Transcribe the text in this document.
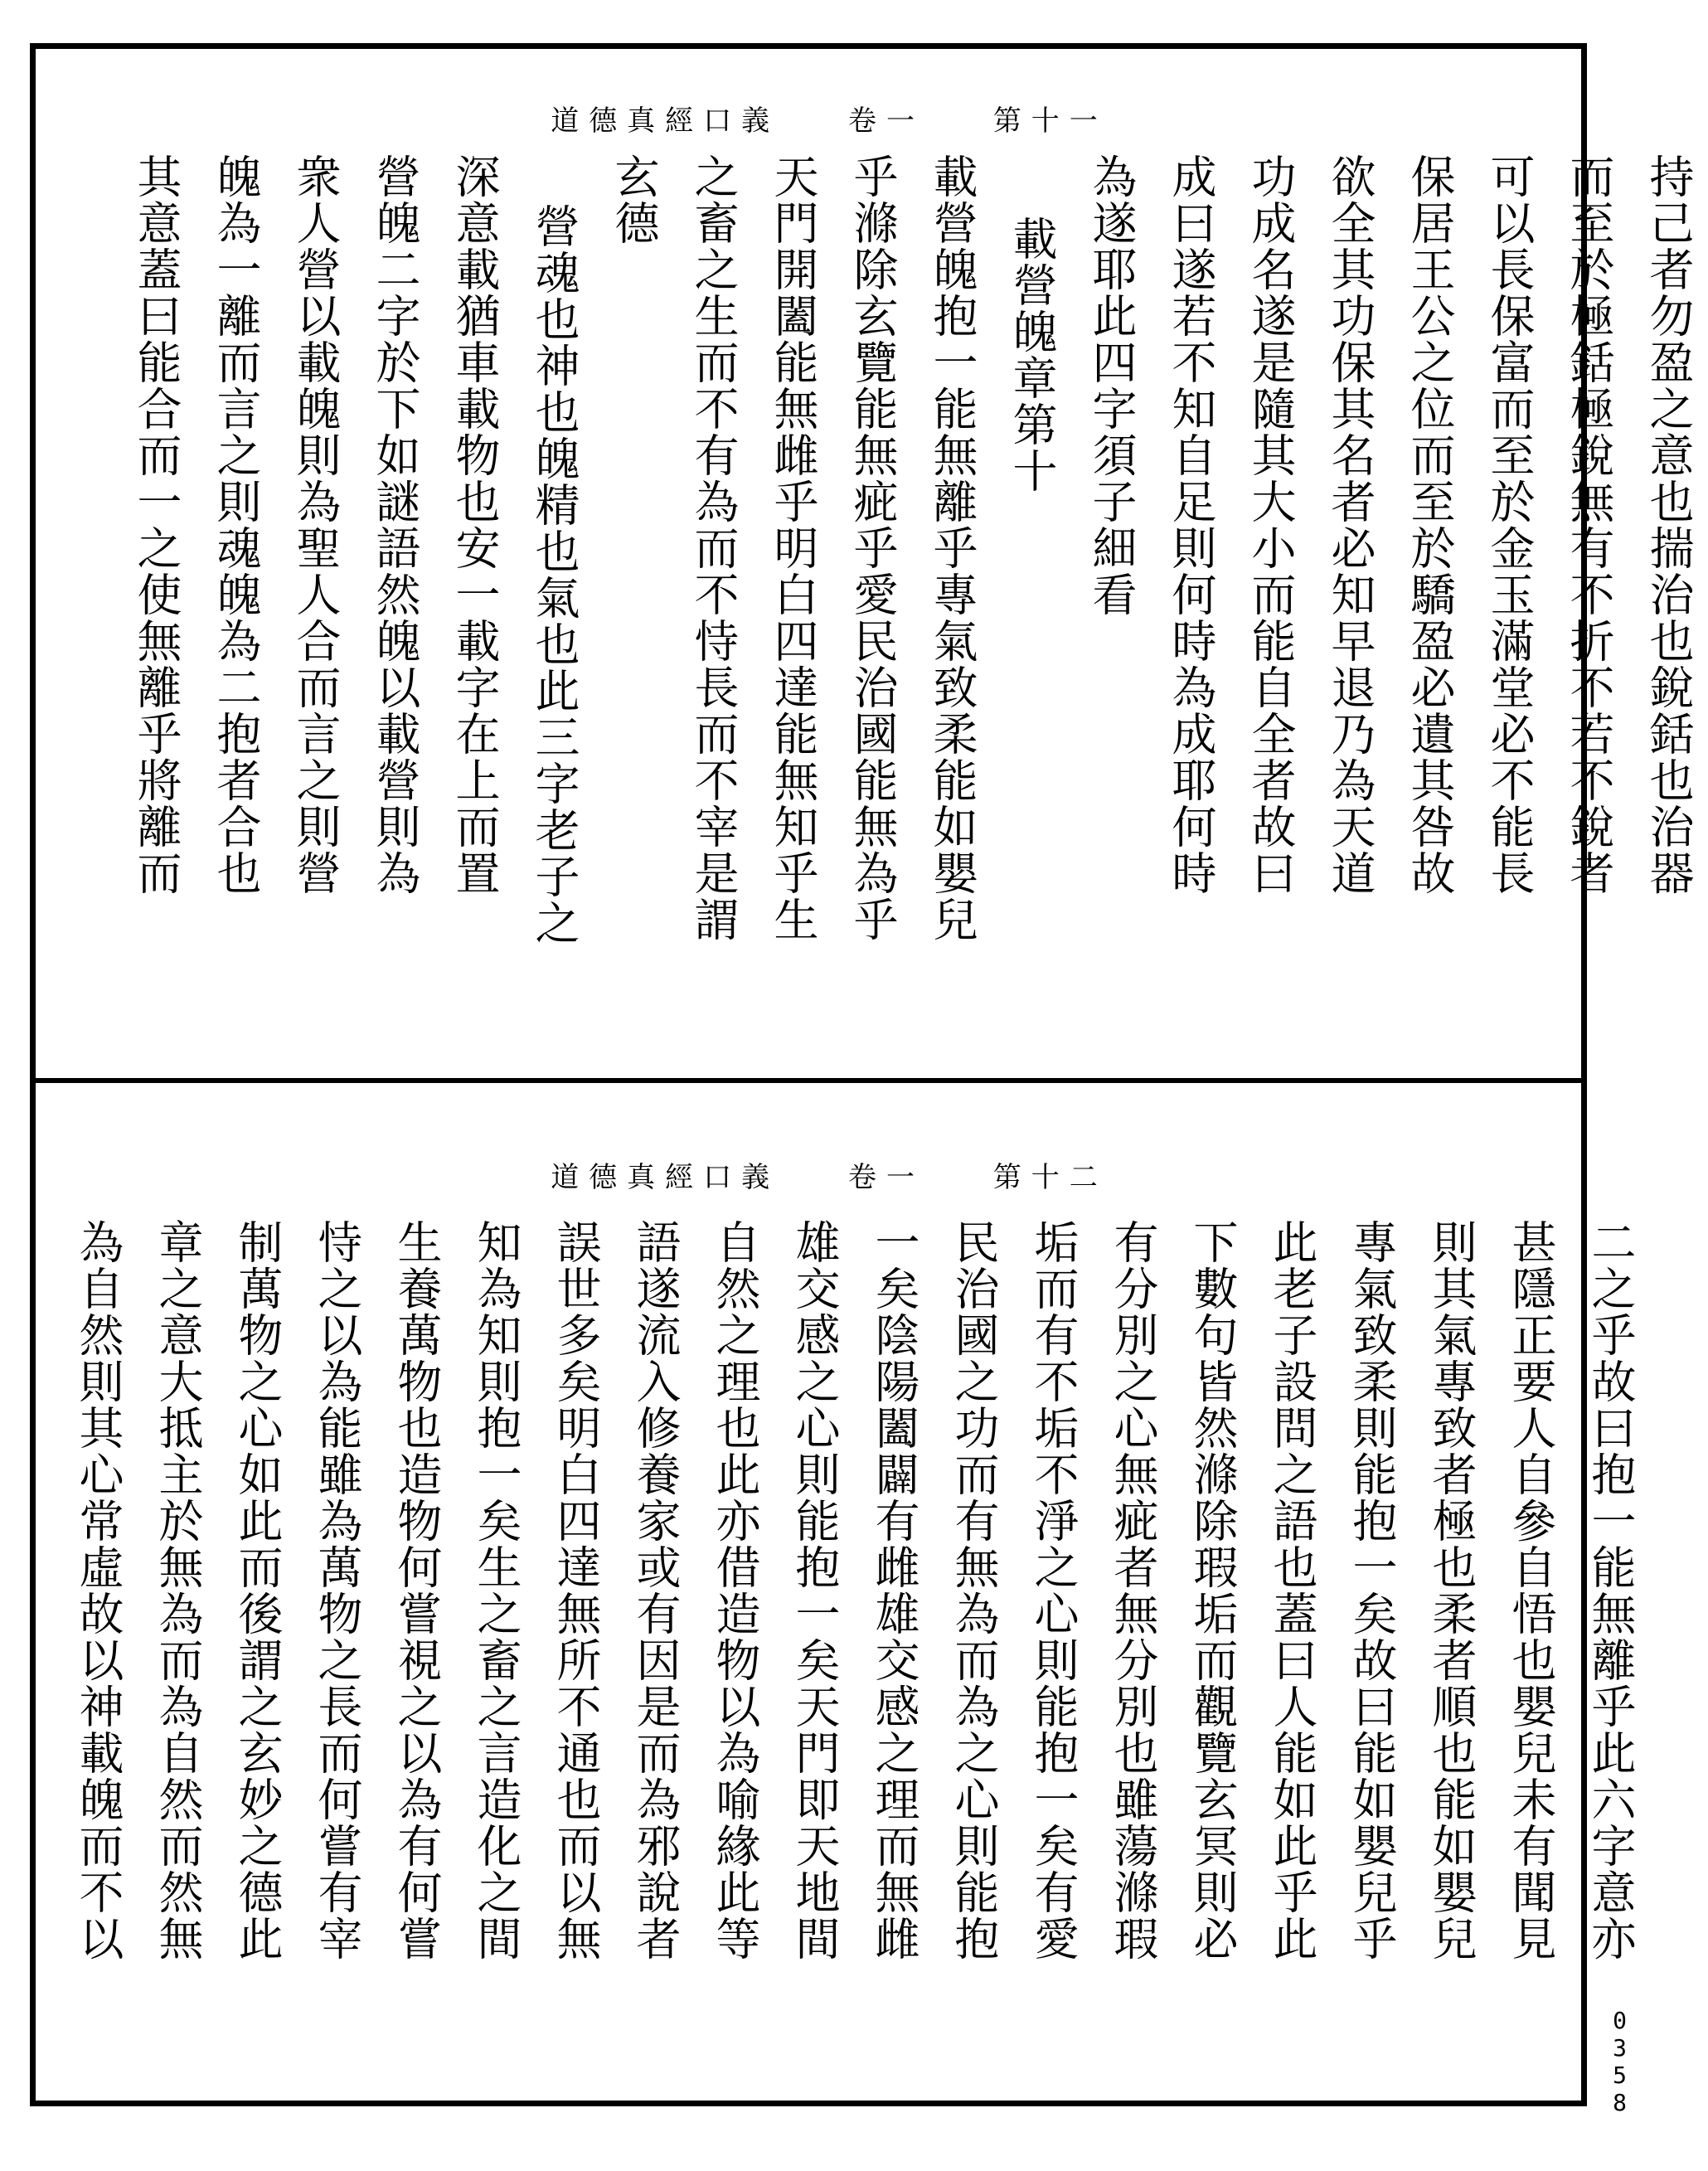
道德真經口義 卷一 第十一
持己者勿盈之意也揣治也銳銛也治器
而至於極銛極銳無有不折不若不銳者
可以長保富而至於金玉滿堂必不能長
保居王公之位而至於驕盈必遺其咎故
欲全其功保其名者必知早退乃為天道
功成名遂是隨其大小而能自全者故曰
成曰遂若不知自足則何時為成耶何時
為遂耶此四字須子細看
載營魄章第十
載營魄抱一能無離乎專氣致柔能如嬰兒
乎滌除玄覽能無疵乎愛民治國能無為乎
天門開闔能無雌乎明白四達能無知乎生
之畜之生而不有為而不恃長而不宰是謂
玄德
營魂也神也魄精也氣也此三字老子之
深意載猶車載物也安一載字在上而置
營魄二字於下如謎語然魄以載營則為
衆人營以載魄則為聖人合而言之則營
魄為一離而言之則魂魄為二抱者合也
其意蓋曰能合而一之使無離乎將離而
道德真經口義 卷一 第十二
二之乎故曰抱一能無離乎此六字意亦
甚隱正要人自參自悟也嬰兒未有聞見
則其氣專致者極也柔者順也能如嬰兒
專氣致柔則能抱一矣故曰能如嬰兒乎
此老子設問之語也蓋曰人能如此乎此
下數句皆然滌除瑕垢而觀覽玄冥則必
有分別之心無疵者無分別也雖蕩滌瑕
垢而有不垢不淨之心則能抱一矣有愛
民治國之功而有無為而為之心則能抱
一矣陰陽闔闢有雌雄交感之理而無雌
雄交感之心則能抱一矣天門即天地間
自然之理也此亦借造物以為喻緣此等
語遂流入修養家或有因是而為邪說者
誤世多矣明白四達無所不通也而以無
知為知則抱一矣生之畜之言造化之間
生養萬物也造物何嘗視之以為有何嘗
恃之以為能雖為萬物之長而何嘗有宰
制萬物之心如此而後謂之玄妙之德此
章之意大抵主於無為而為自然而然無
為自然則其心常虛故以神載魄而不以
0358
